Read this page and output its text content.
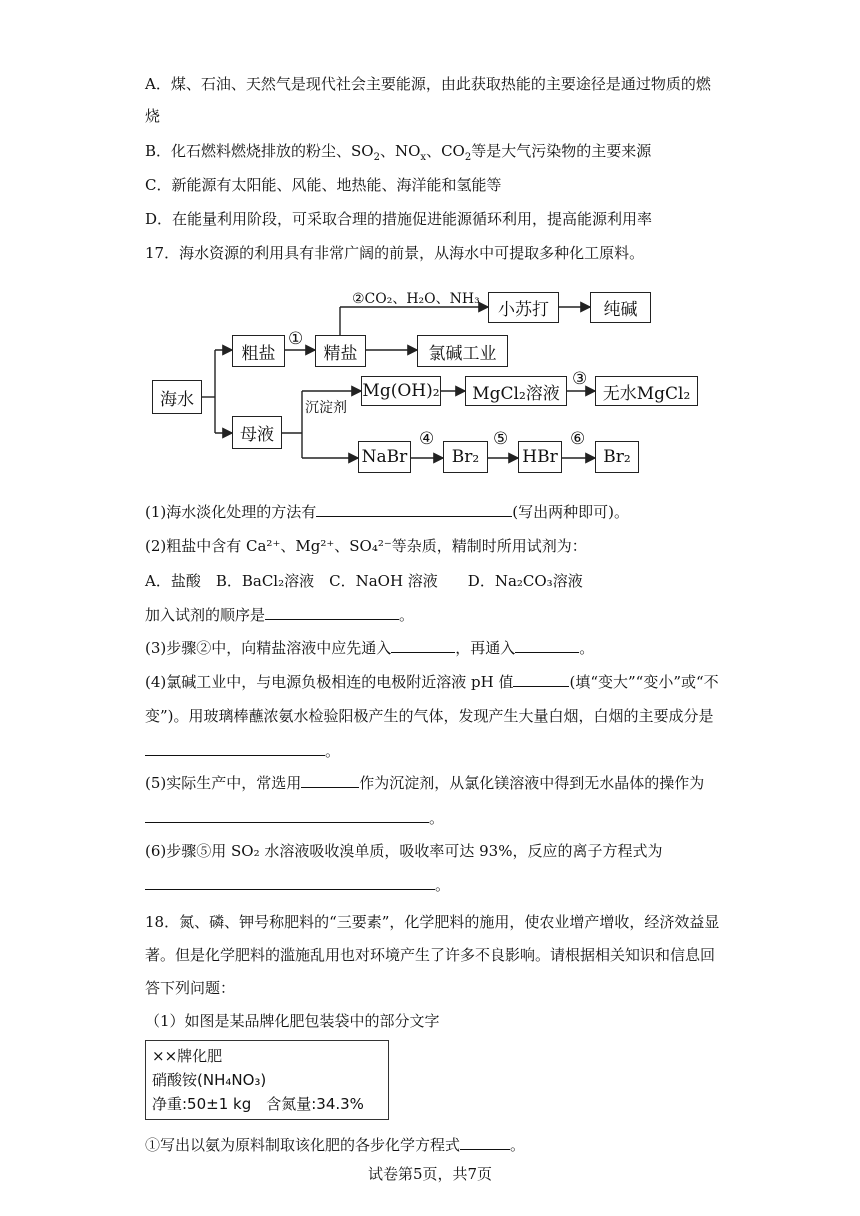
A．煤、石油、天然气是现代社会主要能源，由此获取热能的主要途径是通过物质的燃
烧
B．化石燃料燃烧排放的粉尘、$SO_2$、$NO_x$、$CO_2$等是大气污染物的主要来源
C．新能源有太阳能、风能、地热能、海洋能和氢能等
D．在能量利用阶段，可采取合理的措施促进能源循环利用，提高能源利用率
17．海水资源的利用具有非常广阔的前景，从海水中可提取多种化工原料。
海水
粗盐
①
精盐
②CO₂、H₂O、NH₃
小苏打	纯碱
氯碱工业
母液
沉淀剂
Mg(OH)₂	MgCl₂溶液
③
无水MgCl₂
NaBr
④
Br₂
⑤
HBr
⑥
Br₂
(1)海水淡化处理的方法有	(写出两种即可)。
(2)粗盐中含有 Ca²⁺、Mg²⁺、SO₄²⁻等杂质，精制时所用试剂为：
A．盐酸　B．BaCl₂溶液　C．NaOH 溶液　　D．Na₂CO₃溶液
加入试剂的顺序是	。
(3)步骤②中，向精盐溶液中应先通入	，再通入	。
(4)氯碱工业中，与电源负极相连的电极附近溶液 pH 值	(填“变大”“变小”或“不
变”)。用玻璃棒蘸浓氨水检验阳极产生的气体，发现产生大量白烟，白烟的主要成分是
。
(5)实际生产中，常选用	作为沉淀剂，从氯化镁溶液中得到无水晶体的操作为
。
(6)步骤⑤用 SO₂ 水溶液吸收溴单质，吸收率可达 93%，反应的离子方程式为
。
18．氮、磷、钾号称肥料的“三要素”，化学肥料的施用，使农业增产增收，经济效益显
著。但是化学肥料的滥施乱用也对环境产生了许多不良影响。请根据相关知识和信息回
答下列问题：
（1）如图是某品牌化肥包装袋中的部分文字
××牌化肥
硝酸铵(NH₄NO₃)
净重:50±1 kg　含氮量:34.3%
①写出以氨为原料制取该化肥的各步化学方程式	。
试卷第5页，共7页
